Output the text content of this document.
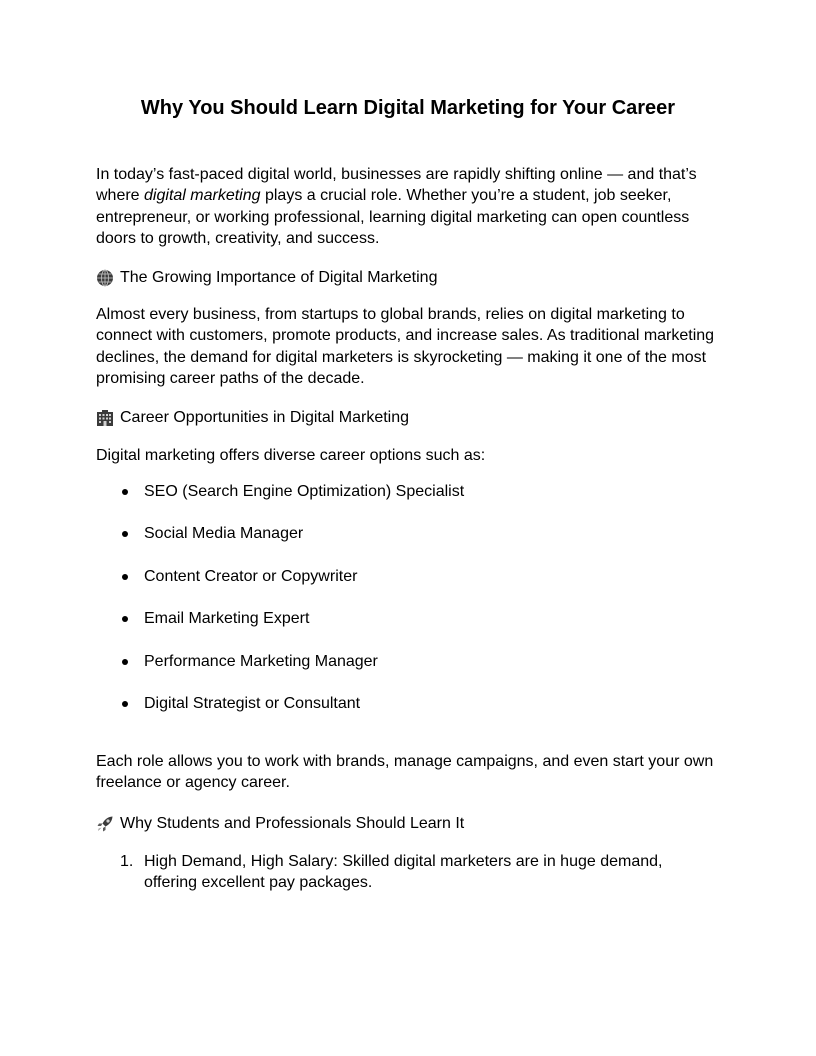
Why You Should Learn Digital Marketing for Your Career

In today’s fast-paced digital world, businesses are rapidly shifting online — and that’s where digital marketing plays a crucial role. Whether you’re a student, job seeker, entrepreneur, or working professional, learning digital marketing can open countless doors to growth, creativity, and success.

The Growing Importance of Digital Marketing

Almost every business, from startups to global brands, relies on digital marketing to connect with customers, promote products, and increase sales. As traditional marketing declines, the demand for digital marketers is skyrocketing — making it one of the most promising career paths of the decade.

Career Opportunities in Digital Marketing

Digital marketing offers diverse career options such as:

SEO (Search Engine Optimization) Specialist
Social Media Manager
Content Creator or Copywriter
Email Marketing Expert
Performance Marketing Manager
Digital Strategist or Consultant

Each role allows you to work with brands, manage campaigns, and even start your own freelance or agency career.

Why Students and Professionals Should Learn It
1. High Demand, High Salary: Skilled digital marketers are in huge demand, offering excellent pay packages.
